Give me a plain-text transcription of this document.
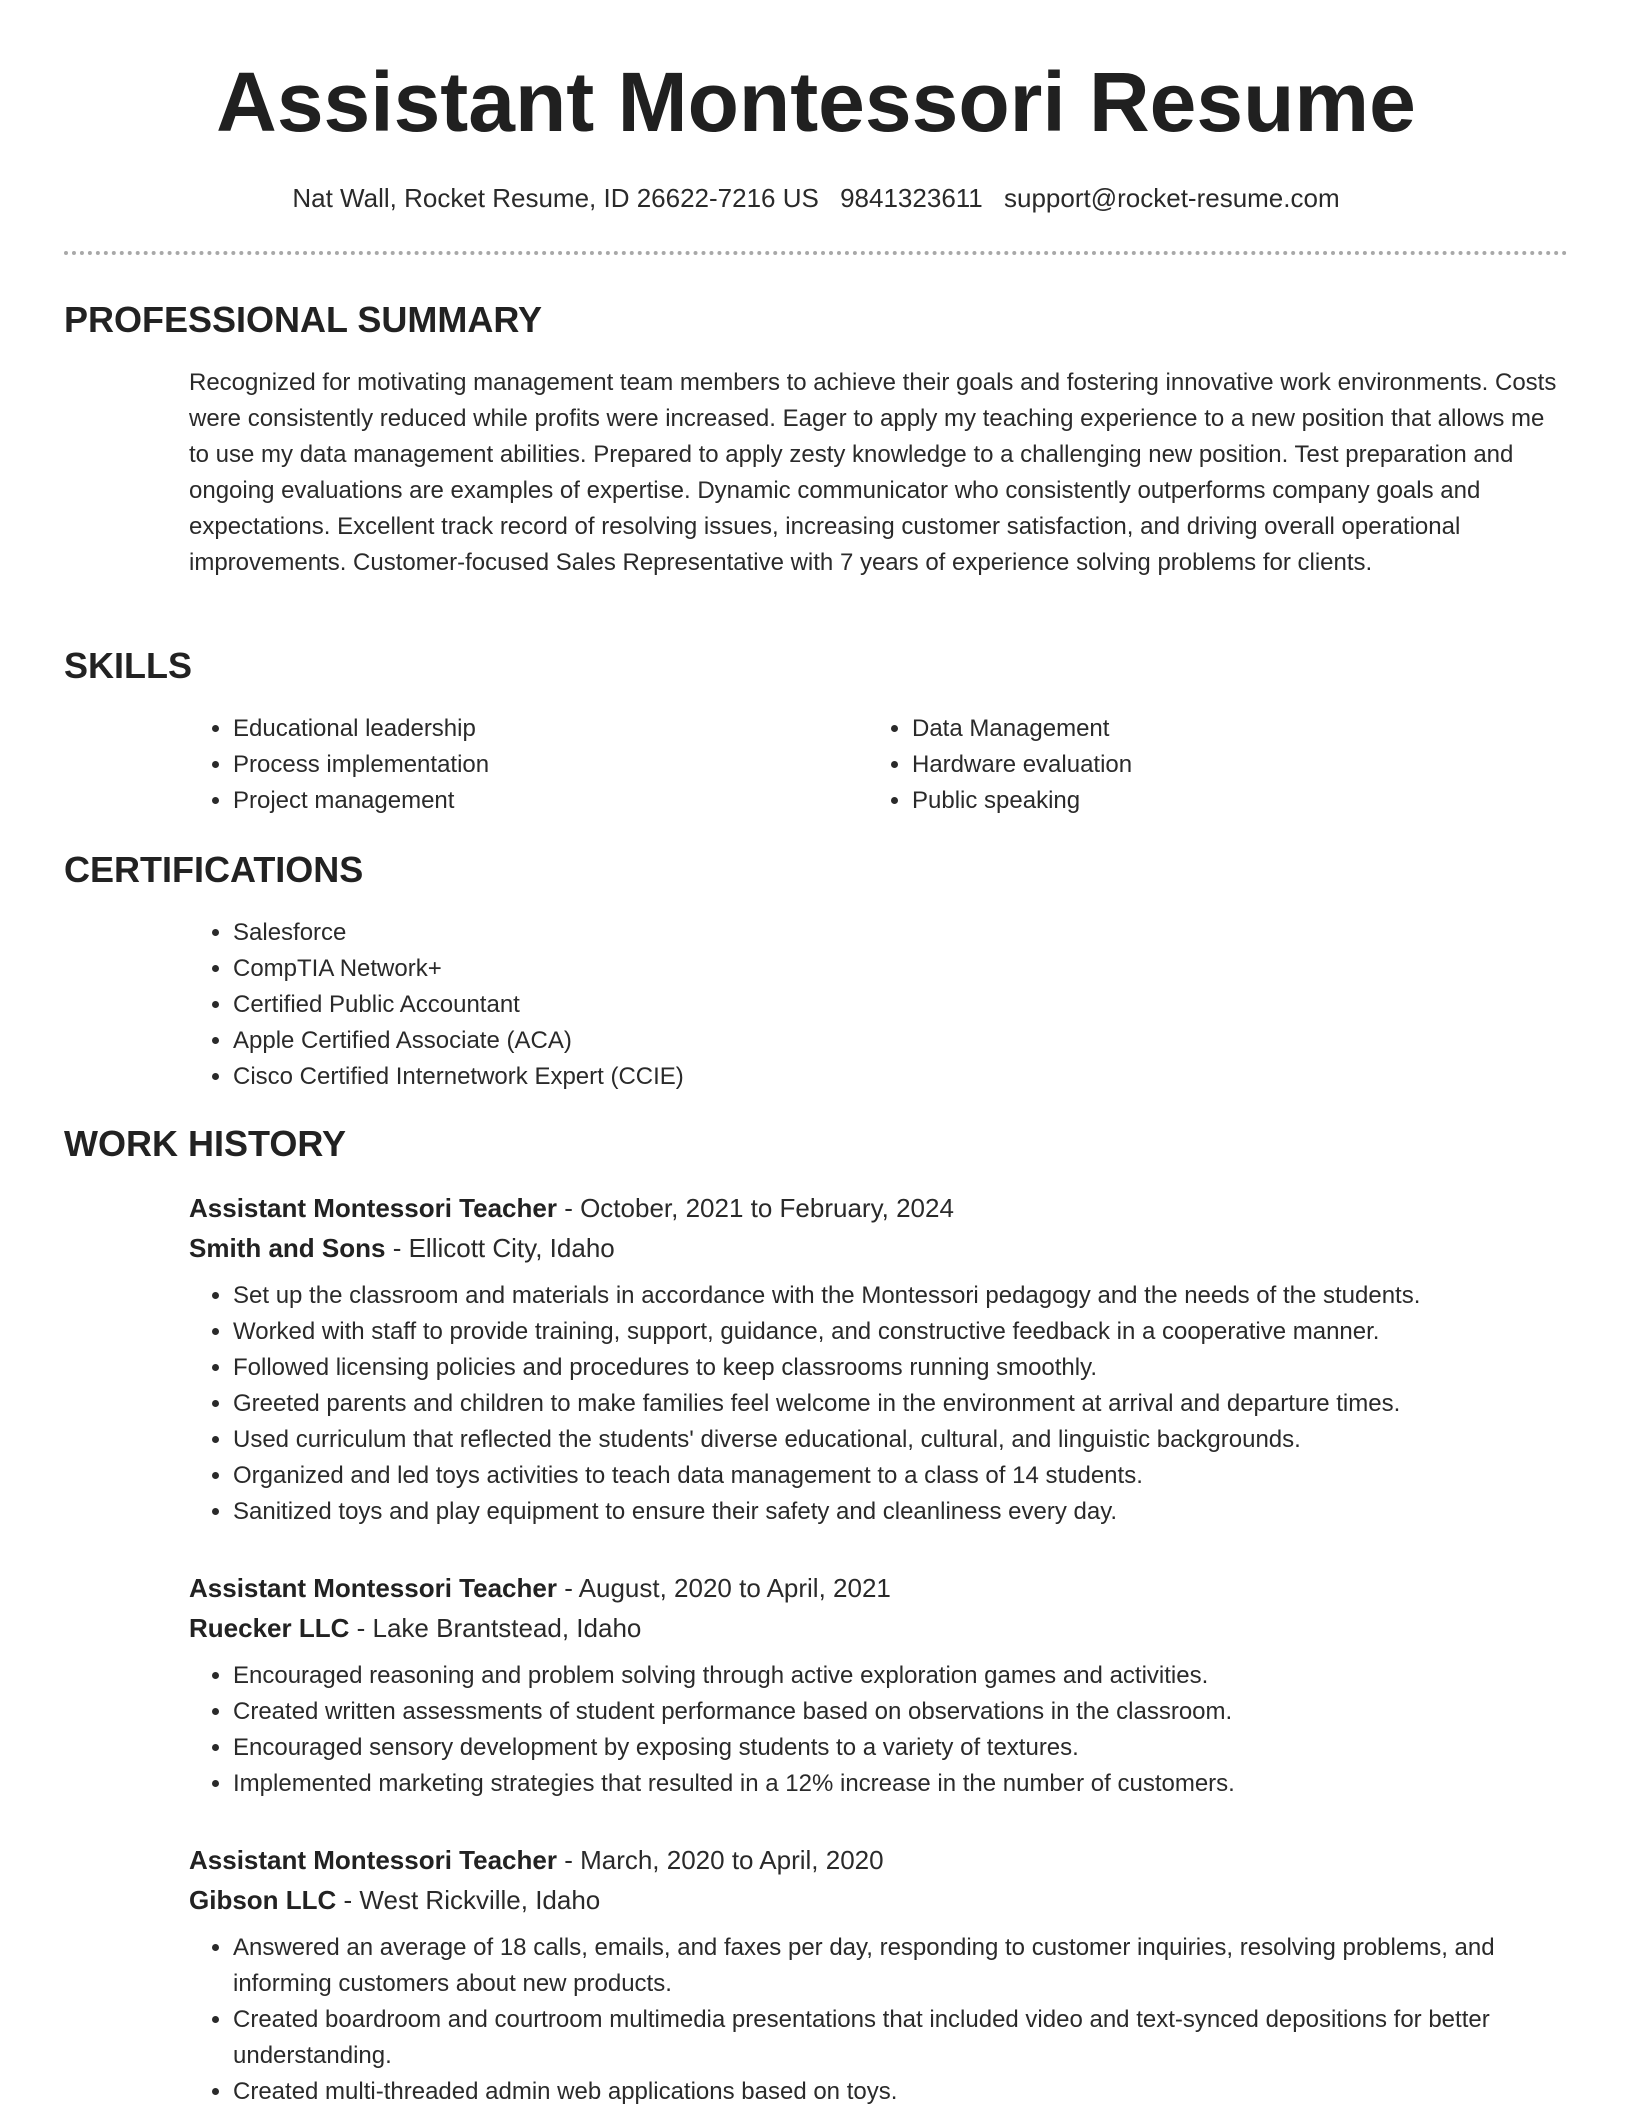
Assistant Montessori Resume
Nat Wall, Rocket Resume, ID 26622-7216 US 9841323611 support@rocket-resume.com
PROFESSIONAL SUMMARY

Recognized for motivating management team members to achieve their goals and fostering innovative work environments. Costs were consistently reduced while profits were increased. Eager to apply my teaching experience to a new position that allows me to use my data management abilities. Prepared to apply zesty knowledge to a challenging new position. Test preparation and ongoing evaluations are examples of expertise. Dynamic communicator who consistently outperforms company goals and expectations. Excellent track record of resolving issues, increasing customer satisfaction, and driving overall operational improvements. Customer-focused Sales Representative with 7 years of experience solving problems for clients.

SKILLS
• Educational leadership
• Process implementation
• Project management
• Data Management
• Hardware evaluation
• Public speaking
CERTIFICATIONS
• Salesforce
• CompTIA Network+
• Certified Public Accountant
• Apple Certified Associate (ACA)
• Cisco Certified Internetwork Expert (CCIE)
WORK HISTORY
Assistant Montessori Teacher - October, 2021 to February, 2024
Smith and Sons - Ellicott City, Idaho
• Set up the classroom and materials in accordance with the Montessori pedagogy and the needs of the students.
• Worked with staff to provide training, support, guidance, and constructive feedback in a cooperative manner.
• Followed licensing policies and procedures to keep classrooms running smoothly.
• Greeted parents and children to make families feel welcome in the environment at arrival and departure times.
• Used curriculum that reflected the students' diverse educational, cultural, and linguistic backgrounds.
• Organized and led toys activities to teach data management to a class of 14 students.
• Sanitized toys and play equipment to ensure their safety and cleanliness every day.
Assistant Montessori Teacher - August, 2020 to April, 2021
Ruecker LLC - Lake Brantstead, Idaho
• Encouraged reasoning and problem solving through active exploration games and activities.
• Created written assessments of student performance based on observations in the classroom.
• Encouraged sensory development by exposing students to a variety of textures.
• Implemented marketing strategies that resulted in a 12% increase in the number of customers.
Assistant Montessori Teacher - March, 2020 to April, 2020
Gibson LLC - West Rickville, Idaho
• Answered an average of 18 calls, emails, and faxes per day, responding to customer inquiries, resolving problems, and informing customers about new products.
• Created boardroom and courtroom multimedia presentations that included video and text-synced depositions for better understanding.
• Created multi-threaded admin web applications based on toys.
